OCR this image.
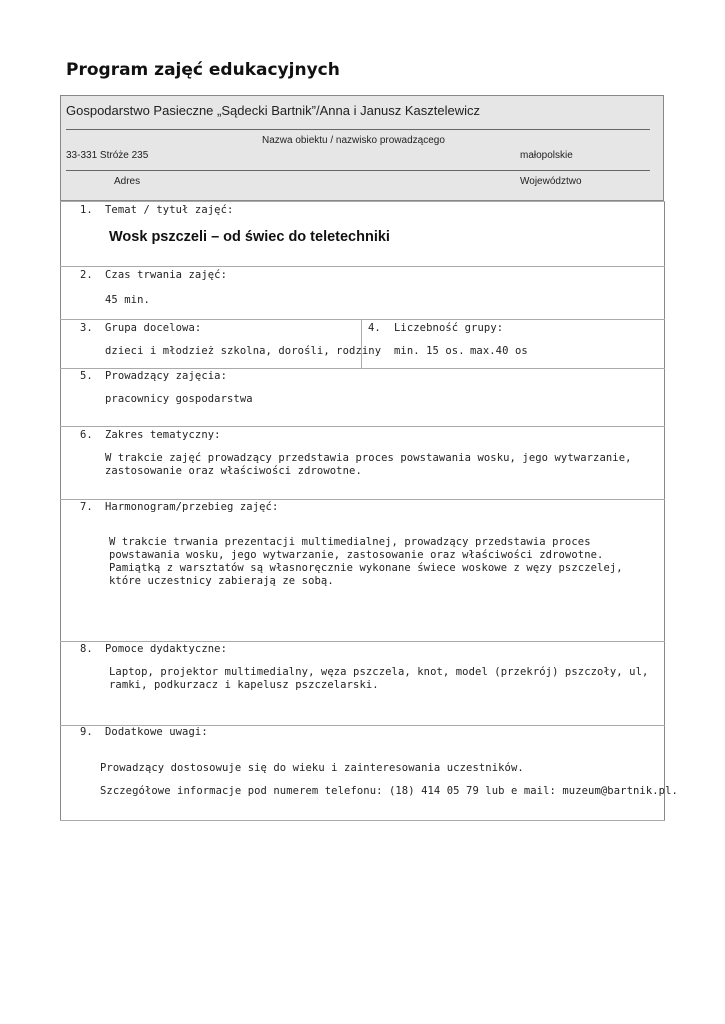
Program zajęć edukacyjnych
Gospodarstwo Pasieczne „Sądecki Bartnik”/Anna i Janusz Kasztelewicz
Nazwa obiektu / nazwisko prowadzącego
33-331 Stróże 235	małopolskie
Adres	Województwo
1. Temat / tytuł zajęć:
Wosk pszczeli – od świec do teletechniki
2. Czas trwania zajęć:
45 min.
3. Grupa docelowa:
dzieci i młodzież szkolna, dorośli, rodziny
4. Liczebność grupy:
min. 15 os. max.40 os
5. Prowadzący zajęcia:
pracownicy gospodarstwa
6. Zakres tematyczny:
W trakcie zajęć prowadzący przedstawia proces powstawania wosku, jego wytwarzanie, zastosowanie oraz właściwości zdrowotne.
7. Harmonogram/przebieg zajęć:
W trakcie trwania prezentacji multimedialnej, prowadzący przedstawia proces powstawania wosku, jego wytwarzanie, zastosowanie oraz właściwości zdrowotne. Pamiątką z warsztatów są własnoręcznie wykonane świece woskowe z węzy pszczelej, które uczestnicy zabierają ze sobą.
8. Pomoce dydaktyczne:
Laptop, projektor multimedialny, węza pszczela, knot, model (przekrój) pszczoły, ul, ramki, podkurzacz i kapelusz pszczelarski.
9. Dodatkowe uwagi:
Prowadzący dostosowuje się do wieku i zainteresowania uczestników.
Szczegółowe informacje pod numerem telefonu: (18) 414 05 79 lub e mail: muzeum@bartnik.pl.
